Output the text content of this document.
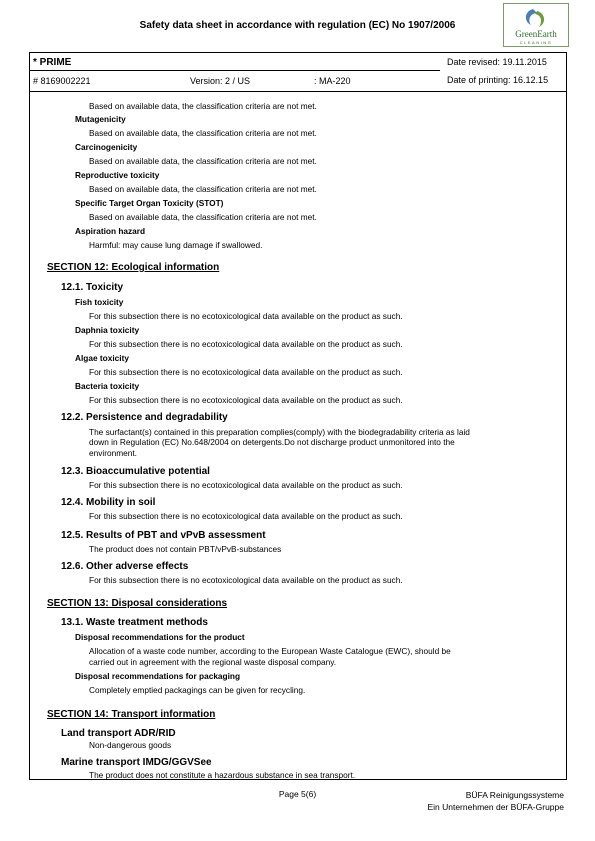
Safety data sheet in accordance with regulation (EC) No 1907/2006
GreenEarth
CLEANING
* PRIME
# 8169002221	Version: 2 / US	: MA-220
Date revised: 19.11.2015
Date of printing: 16.12.15
Based on available data, the classification criteria are not met.
Mutagenicity
Based on available data, the classification criteria are not met.
Carcinogenicity
Based on available data, the classification criteria are not met.
Reproductive toxicity
Based on available data, the classification criteria are not met.
Specific Target Organ Toxicity (STOT)
Based on available data, the classification criteria are not met.
Aspiration hazard
Harmful: may cause lung damage if swallowed.
SECTION 12: Ecological information
12.1. Toxicity
Fish toxicity
For this subsection there is no ecotoxicological data available on the product as such.
Daphnia toxicity
For this subsection there is no ecotoxicological data available on the product as such.
Algae toxicity
For this subsection there is no ecotoxicological data available on the product as such.
Bacteria toxicity
For this subsection there is no ecotoxicological data available on the product as such.
12.2. Persistence and degradability
The surfactant(s) contained in this preparation complies(comply) with the biodegradability criteria as laid
down in Regulation (EC) No.648/2004 on detergents.Do not discharge product unmonitored into the
environment.
12.3. Bioaccumulative potential
For this subsection there is no ecotoxicological data available on the product as such.
12.4. Mobility in soil
For this subsection there is no ecotoxicological data available on the product as such.
12.5. Results of PBT and vPvB assessment
The product does not contain PBT/vPvB-substances
12.6. Other adverse effects
For this subsection there is no ecotoxicological data available on the product as such.
SECTION 13: Disposal considerations
13.1. Waste treatment methods
Disposal recommendations for the product
Allocation of a waste code number, according to the European Waste Catalogue (EWC), should be
carried out in agreement with the regional waste disposal company.
Disposal recommendations for packaging
Completely emptied packagings can be given for recycling.
SECTION 14: Transport information
Land transport ADR/RID
Non-dangerous goods
Marine transport IMDG/GGVSee
The product does not constitute a hazardous substance in sea transport.
Page 5(6)	BÜFA Reinigungssysteme
Ein Unternehmen der BÜFA-Gruppe
